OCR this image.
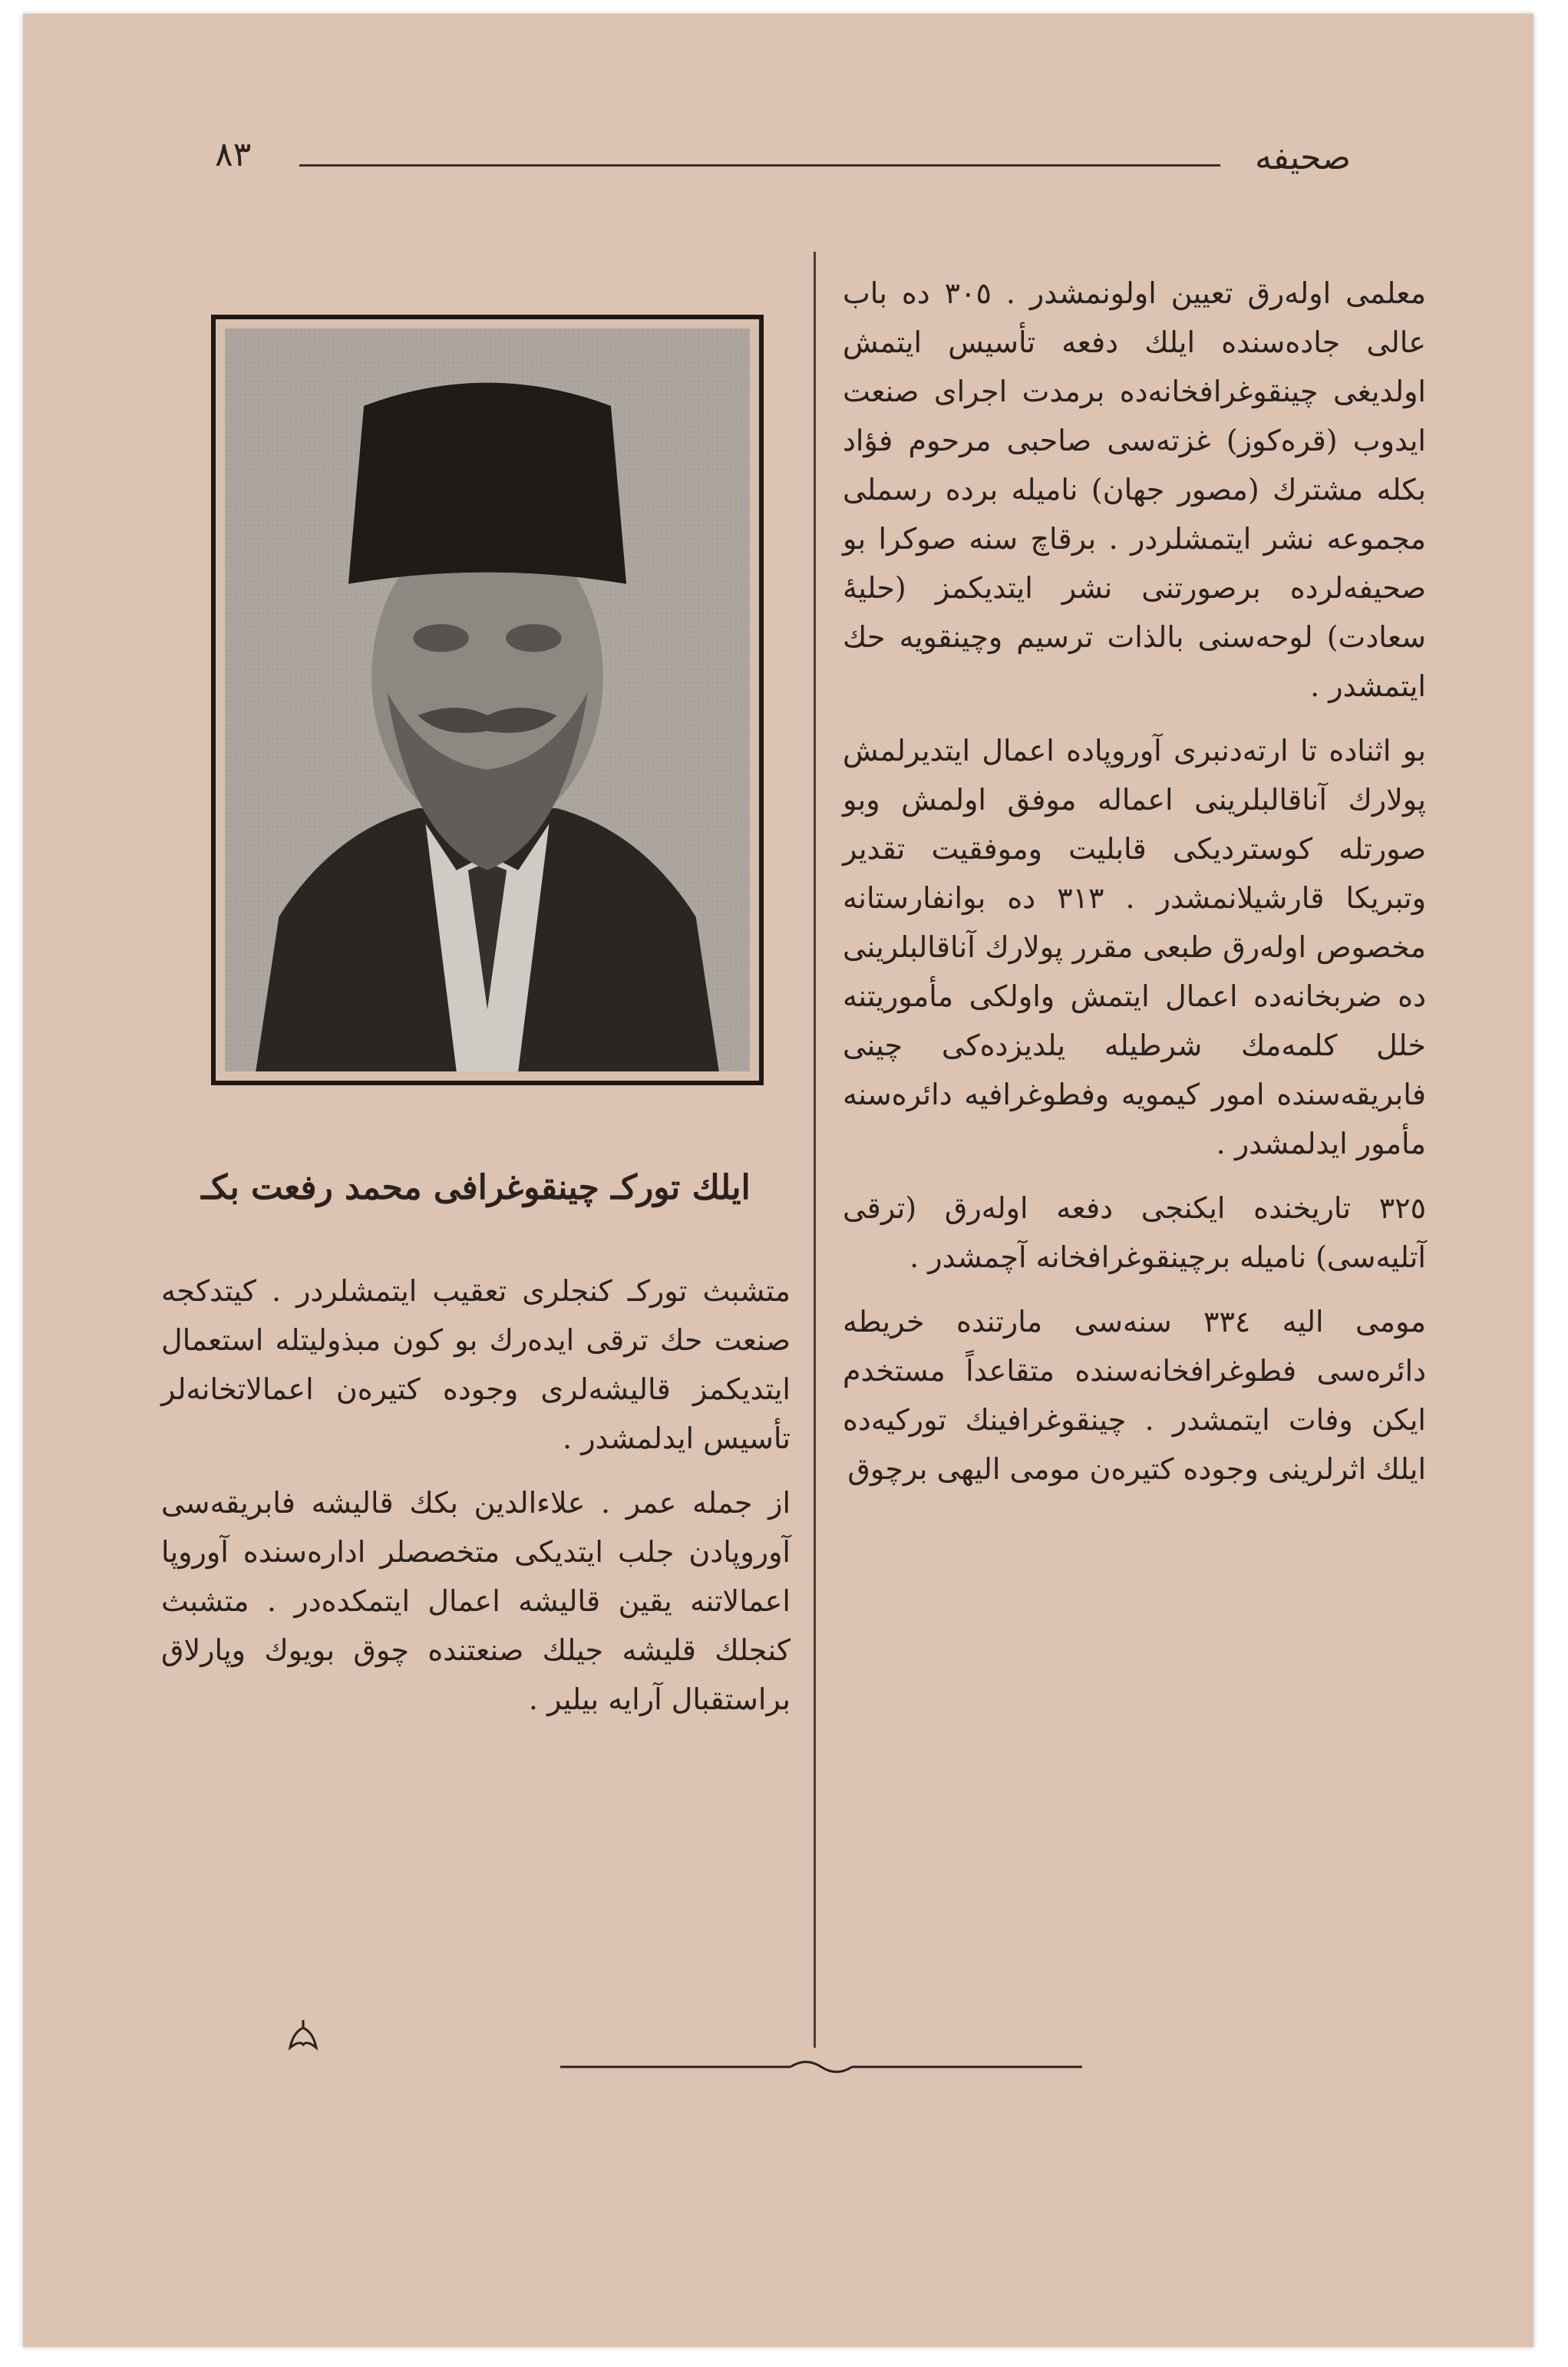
٨٣	صحيفه

معلمى اوله‌رق تعيين اولونمشدر . ٣٠٥ ده باب عالى جاده‌سنده ايلك دفعه تأسيس ايتمش اولديغى چينقوغرافخانه‌ده برمدت اجراى صنعت ايدوب (قره‌كوز) غزته‌سى صاحبى مرحوم فؤاد بكله مشترك (مصور جهان) ناميله برده رسملى مجموعه نشر ايتمشلردر . برقاچ سنه صوكرا بو صحيفه‌لرده برصورتنى نشر ايتديكمز (حليهٔ سعادت) لوحه‌سنى بالذات ترسيم وچينقويه حك ايتمشدر .

بو اثناده تا ارته‌دنبرى آوروپاده اعمال ايتديرلمش پولارك آناقالبلرينى اعماله موفق اولمش وبو صورتله كوستردیكى قابليت وموفقيت تقدير وتبريكا قارشيلانمشدر . ٣١٣ ده بوانفارستانه مخصوص اوله‌رق طبعى مقرر پولارك آناقالبلرينى ده ضربخانه‌ده اعمال ايتمش واولكى مأموريتنه خلل كلمه‌مك شرطيله يلديزده‌كى چينى فابريقه‌سنده امور كيمويه وفطوغرافيه دائره‌سنه مأمور ايدلمشدر .

٣٢٥ تاريخنده ايكنجى دفعه اوله‌رق (ترقى آتليه‌سى) ناميله برچينقوغرافخانه آچمشدر .

مومى اليه ٣٣٤ سنه‌سى مارتنده خريطه دائره‌سى فطوغرافخانه‌سنده متقاعداً مستخدم ايكن وفات ايتمشدر . چينقوغرافينك توركيه‌ده ايلك اثرلرينى وجوده كتيره‌ن مومى اليهى برچوق

ايلك توركـ چينقوغرافى محمد رفعت بكـ

متشبث توركـ كنجلرى تعقيب ايتمشلردر . كيتدكجه صنعت حك ترقى ايده‌رك بو كون مبذوليتله استعمال ايتديكمز قاليشه‌لرى وجوده كتيره‌ن اعمالاتخانه‌لر تأسيس ايدلمشدر .

از جمله عمر . علاءالدين بكك قاليشه فابريقه‌سى آوروپادن جلب ايتديكى متخصصلر اداره‌سنده آوروپا اعمالاتنه يقين قاليشه اعمال ايتمكده‌در . متشبث كنجلك قليشه جيلك صنعتنده چوق بويوك وپارلاق براستقبال آرايه بيلير .
